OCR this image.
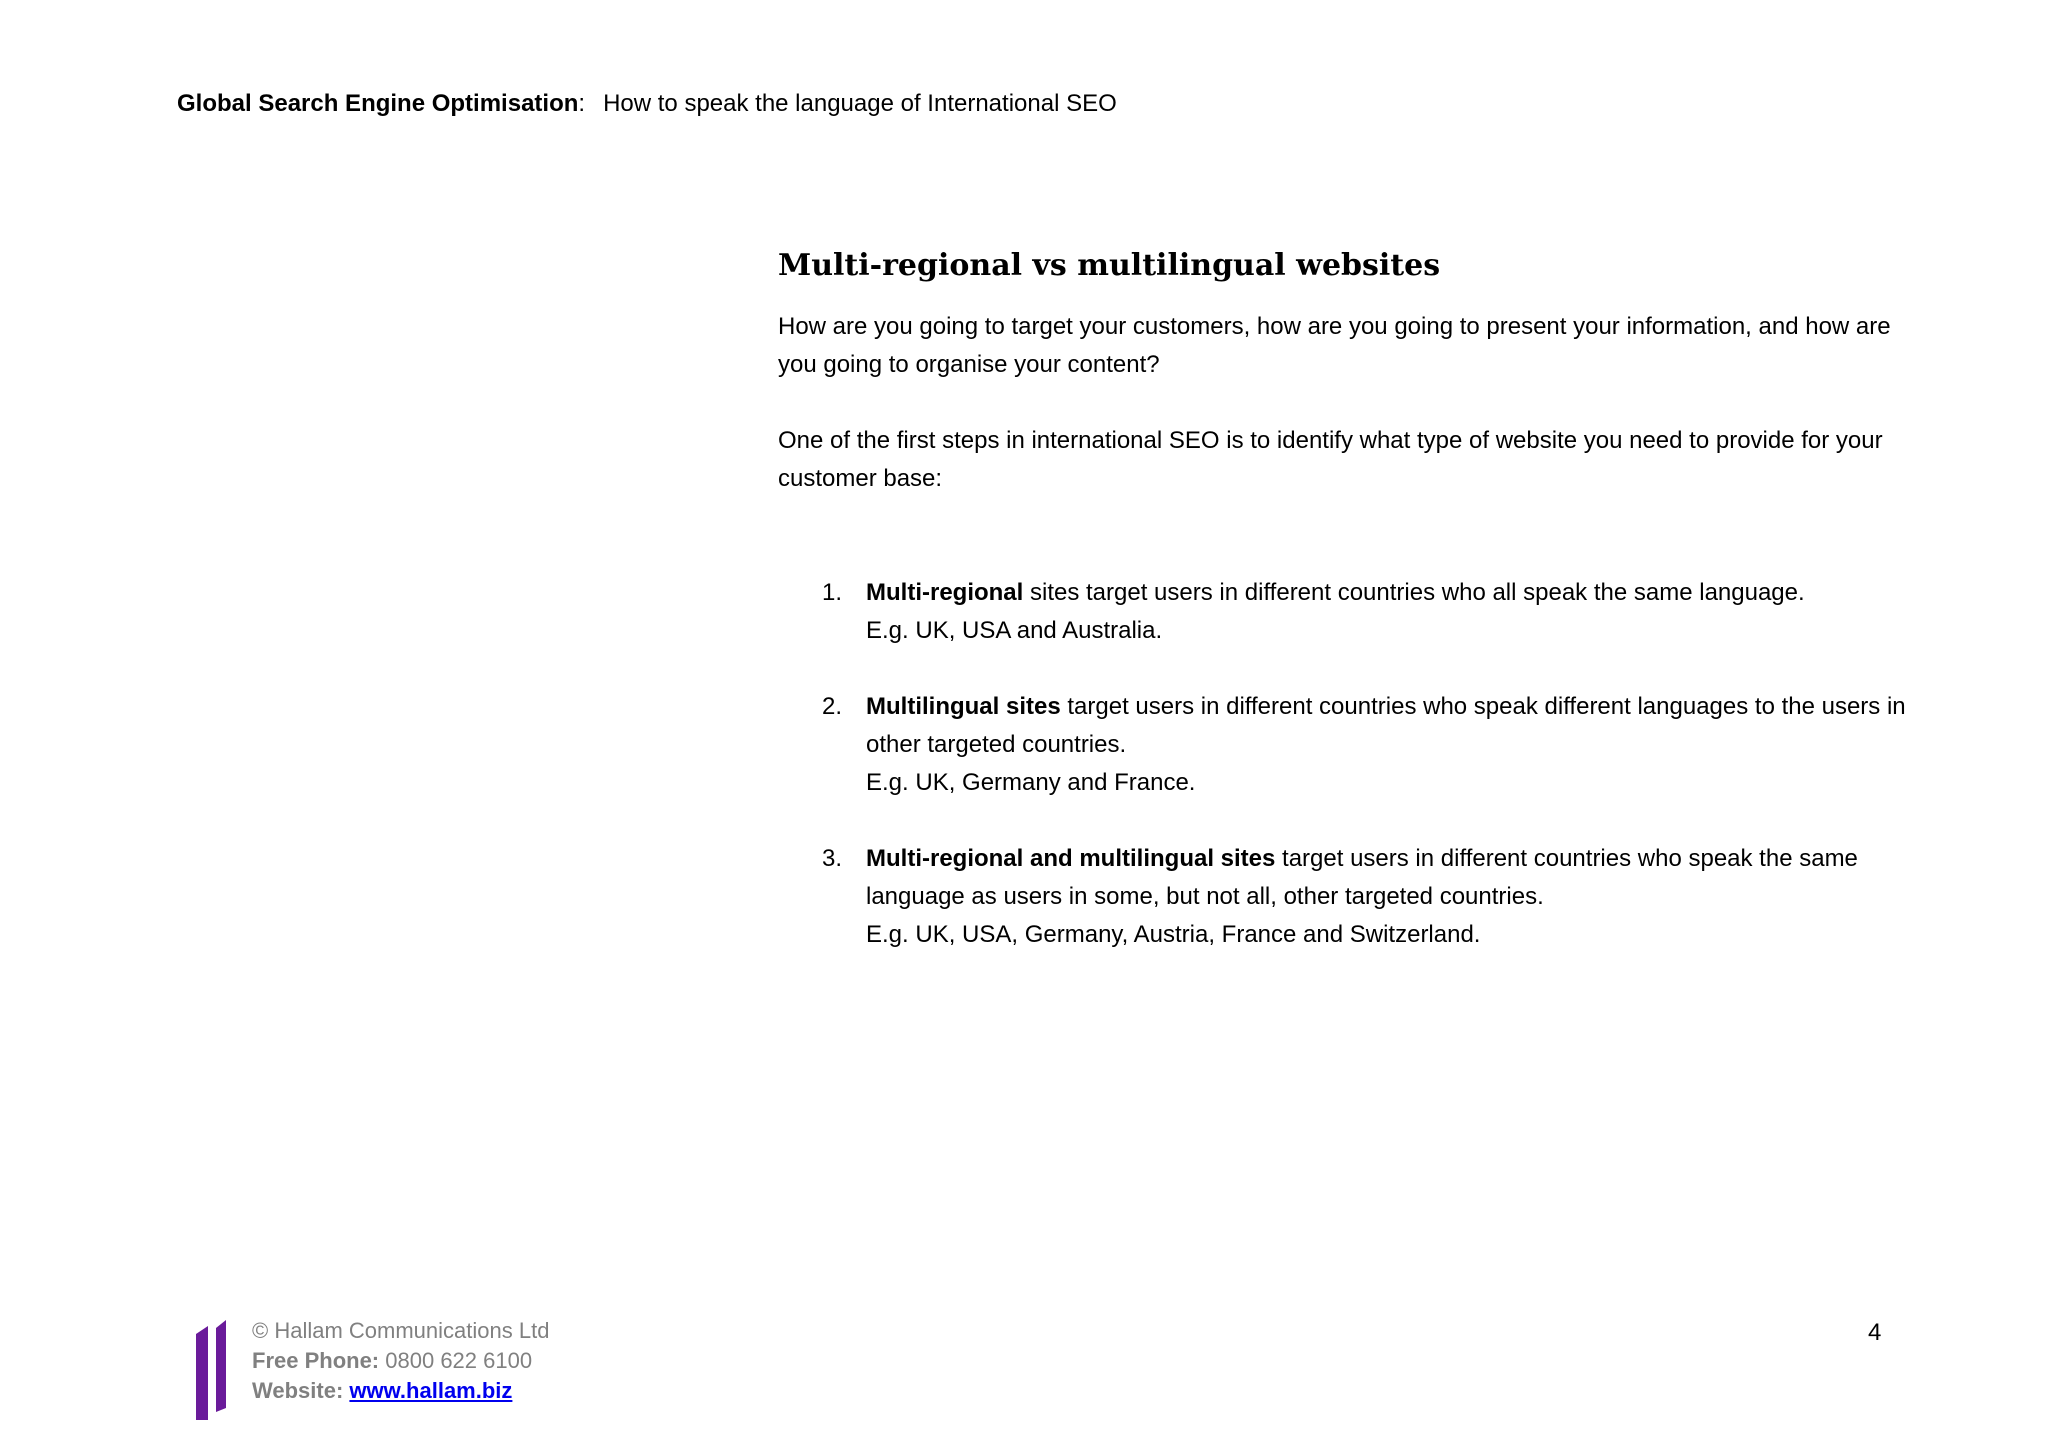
Global Search Engine Optimisation: How to speak the language of International SEO
Multi-regional vs multilingual websites

How are you going to target your customers, how are you going to present your information, and how are you going to organise your content?

One of the first steps in international SEO is to identify what type of website you need to provide for your customer base:

1. Multi-regional sites target users in different countries who all speak the same language.
E.g. UK, USA and Australia.
2. Multilingual sites target users in different countries who speak different languages to the users in other targeted countries.
E.g. UK, Germany and France.
3. Multi-regional and multilingual sites target users in different countries who speak the same language as users in some, but not all, other targeted countries.
E.g. UK, USA, Germany, Austria, France and Switzerland.
© Hallam Communications Ltd
Free Phone: 0800 622 6100
Website: www.hallam.biz
4
